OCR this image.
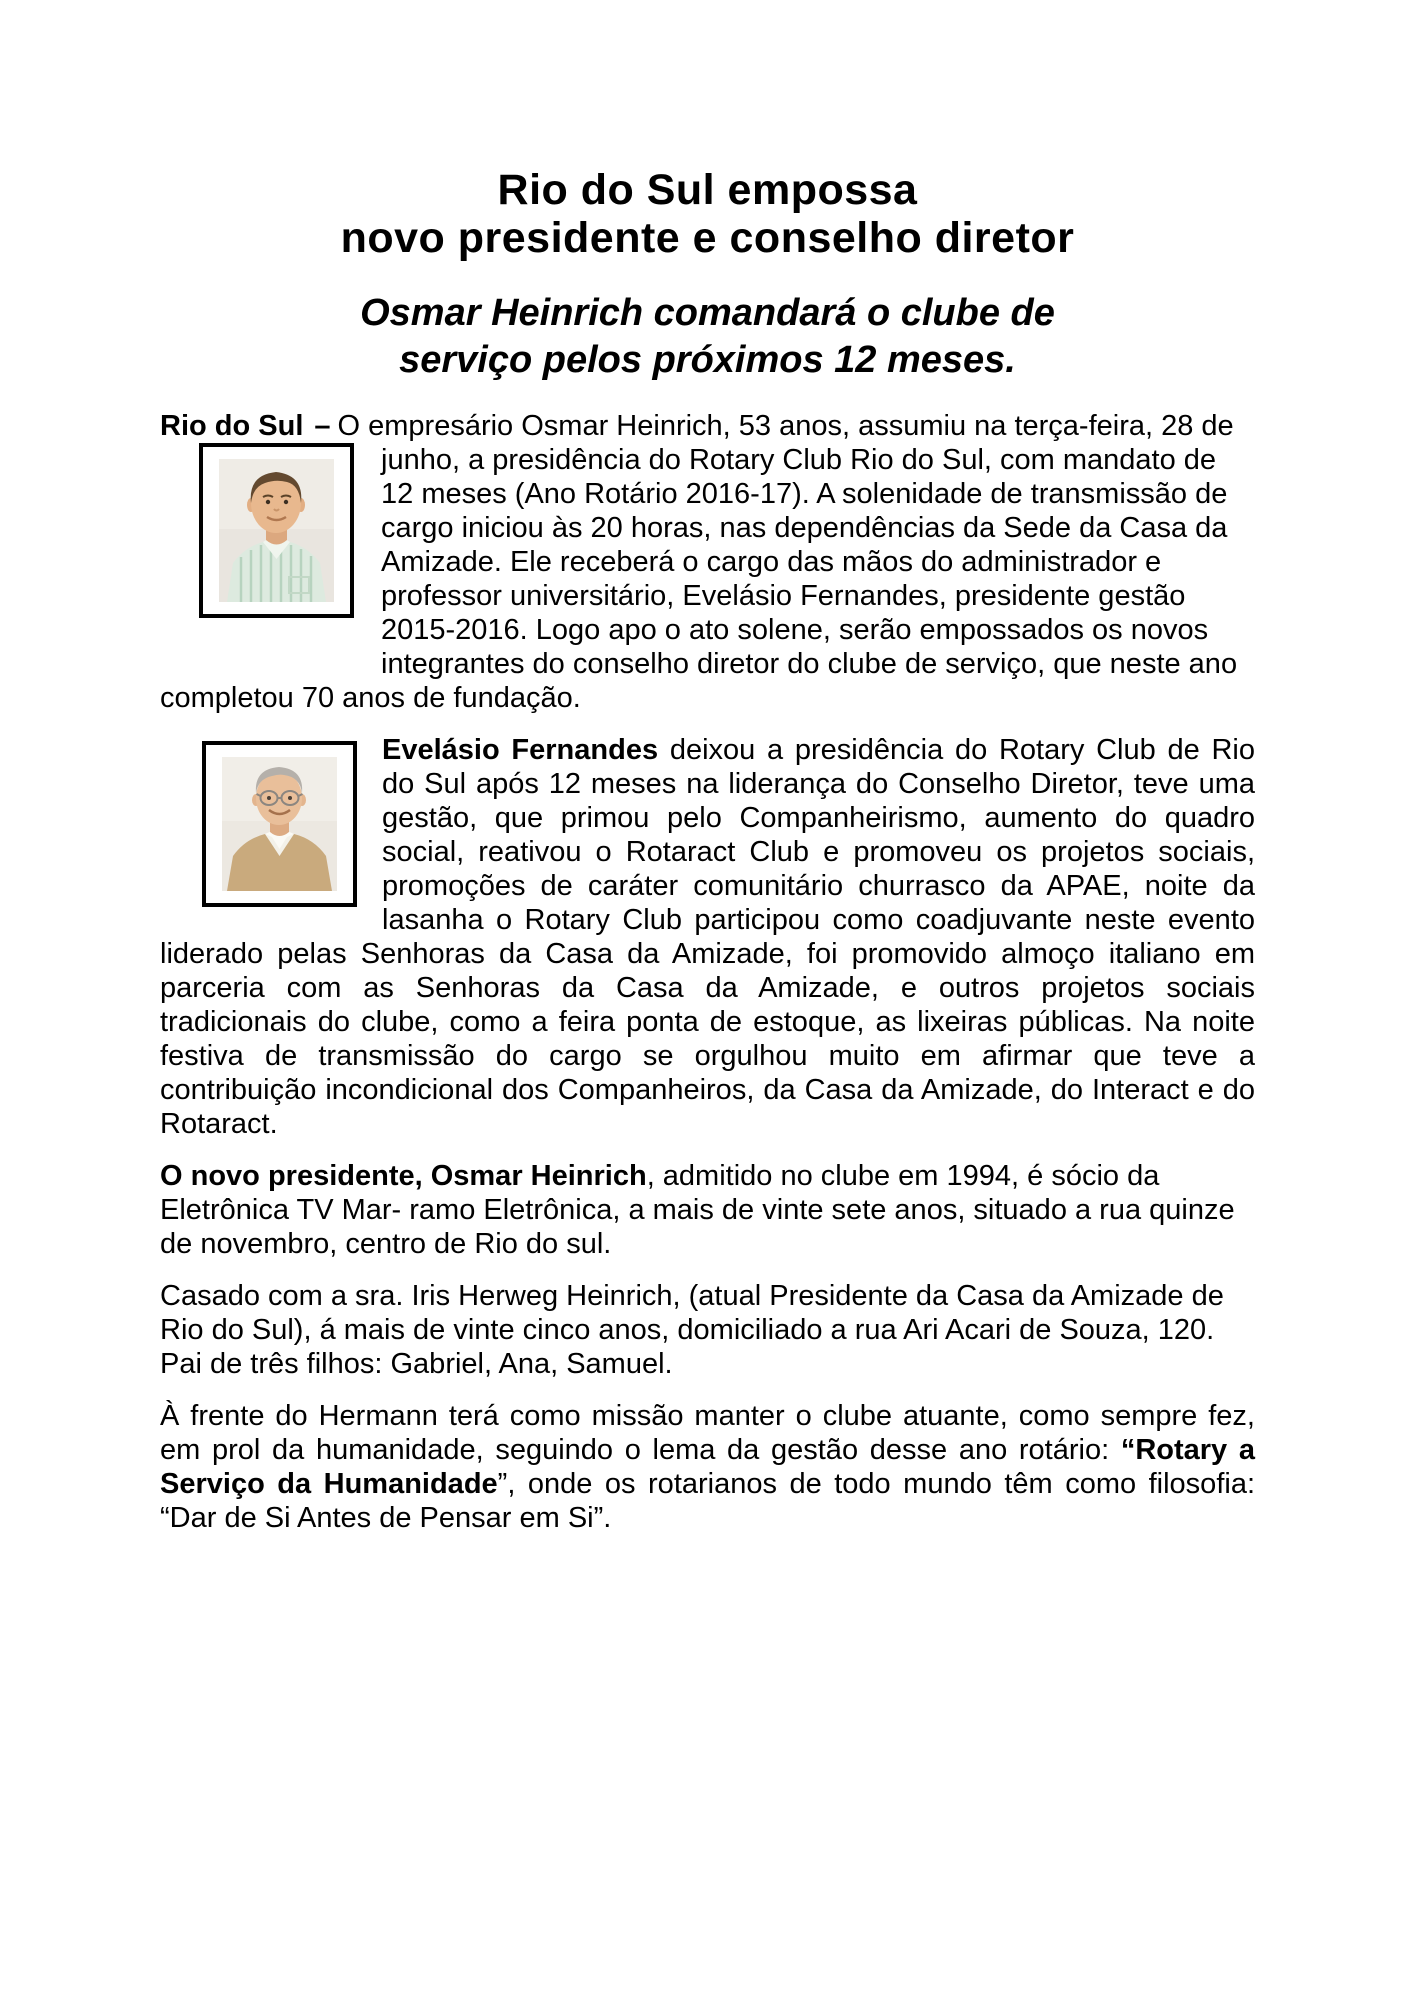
Rio do Sul empossa
novo presidente e conselho diretor
Osmar Heinrich comandará o clube de
serviço pelos próximos 12 meses.

Rio do Sul – O empresário Osmar Heinrich, 53 anos, assumiu na terça-feira, 28 de junho, a presidência do Rotary Club Rio do Sul, com mandato de 12 meses (Ano Rotário 2016-17). A solenidade de transmissão de cargo iniciou às 20 horas, nas dependências da Sede da Casa da Amizade. Ele receberá o cargo das mãos do administrador e professor universitário, Evelásio Fernandes, presidente gestão 2015-2016. Logo apo o ato solene, serão empossados os novos integrantes do conselho diretor do clube de serviço, que neste ano completou 70 anos de fundação.

Evelásio Fernandes deixou a presidência do Rotary Club de Rio do Sul após 12 meses na liderança do Conselho Diretor, teve uma gestão, que primou pelo Companheirismo, aumento do quadro social, reativou o Rotaract Club e promoveu os projetos sociais, promoções de caráter comunitário churrasco da APAE, noite da lasanha o Rotary Club participou como coadjuvante neste evento liderado pelas Senhoras da Casa da Amizade, foi promovido almoço italiano em parceria com as Senhoras da Casa da Amizade, e outros projetos sociais tradicionais do clube, como a feira ponta de estoque, as lixeiras públicas. Na noite festiva de transmissão do cargo se orgulhou muito em afirmar que teve a contribuição incondicional dos Companheiros, da Casa da Amizade, do Interact e do Rotaract.

O novo presidente, Osmar Heinrich, admitido no clube em 1994, é sócio da Eletrônica TV Mar- ramo Eletrônica, a mais de vinte sete anos, situado a rua quinze de novembro, centro de Rio do sul.

Casado com a sra. Iris Herweg Heinrich, (atual Presidente da Casa da Amizade de Rio do Sul), á mais de vinte cinco anos, domiciliado a rua Ari Acari de Souza, 120. Pai de três filhos: Gabriel, Ana, Samuel.

À frente do Hermann terá como missão manter o clube atuante, como sempre fez, em prol da humanidade, seguindo o lema da gestão desse ano rotário: “Rotary a Serviço da Humanidade”, onde os rotarianos de todo mundo têm como filosofia: “Dar de Si Antes de Pensar em Si”.
